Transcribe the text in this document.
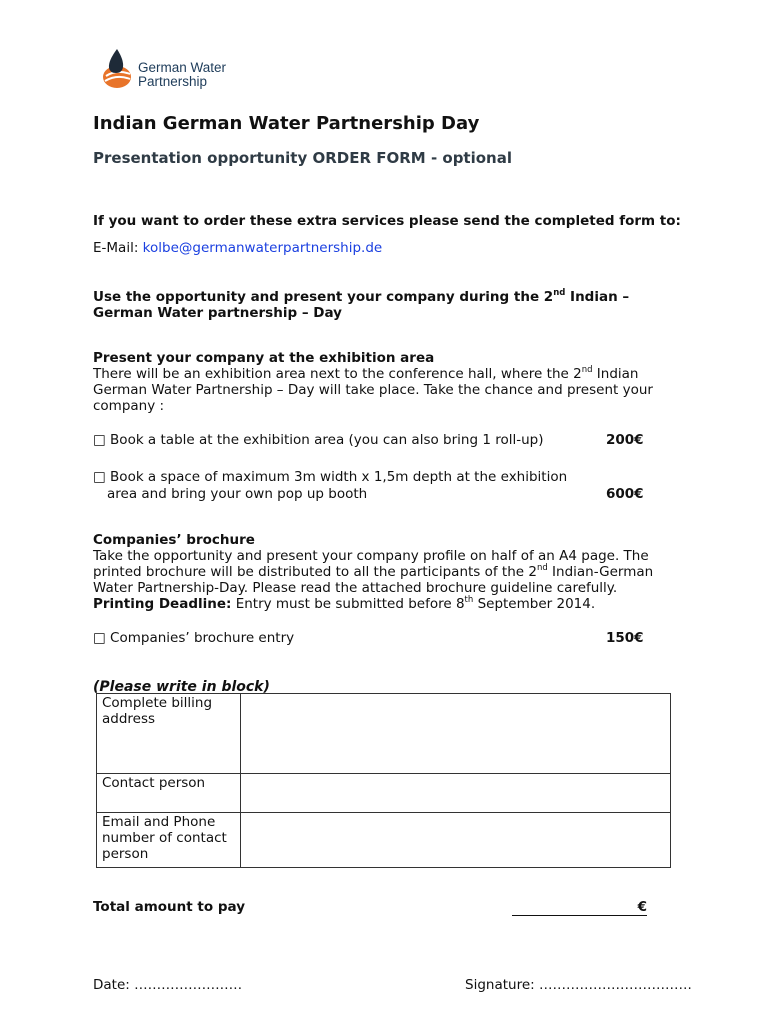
German Water
Partnership
Indian German Water Partnership Day
Presentation opportunity ORDER FORM - optional
If you want to order these extra services please send the completed form to:
E-Mail: kolbe@germanwaterpartnership.de
Use the opportunity and present your company during the 2nd Indian –
German Water partnership – Day
Present your company at the exhibition area
There will be an exhibition area next to the conference hall, where the 2nd Indian
German Water Partnership – Day will take place. Take the chance and present your
company :
□ Book a table at the exhibition area (you can also bring 1 roll-up)	200€
□ Book a space of maximum 3m width x 1,5m depth at the exhibition
area and bring your own pop up booth	600€
Companies’ brochure
Take the opportunity and present your company profile on half of an A4 page. The
printed brochure will be distributed to all the participants of the 2nd Indian-German
Water Partnership-Day. Please read the attached brochure guideline carefully.
Printing Deadline: Entry must be submitted before 8th September 2014.
□ Companies’ brochure entry	150€
(Please write in block)
Complete billing address	

Contact person	

Email and Phone number of contact person	

Total amount to pay	€
Date: ……………………	Signature: …………………………….
